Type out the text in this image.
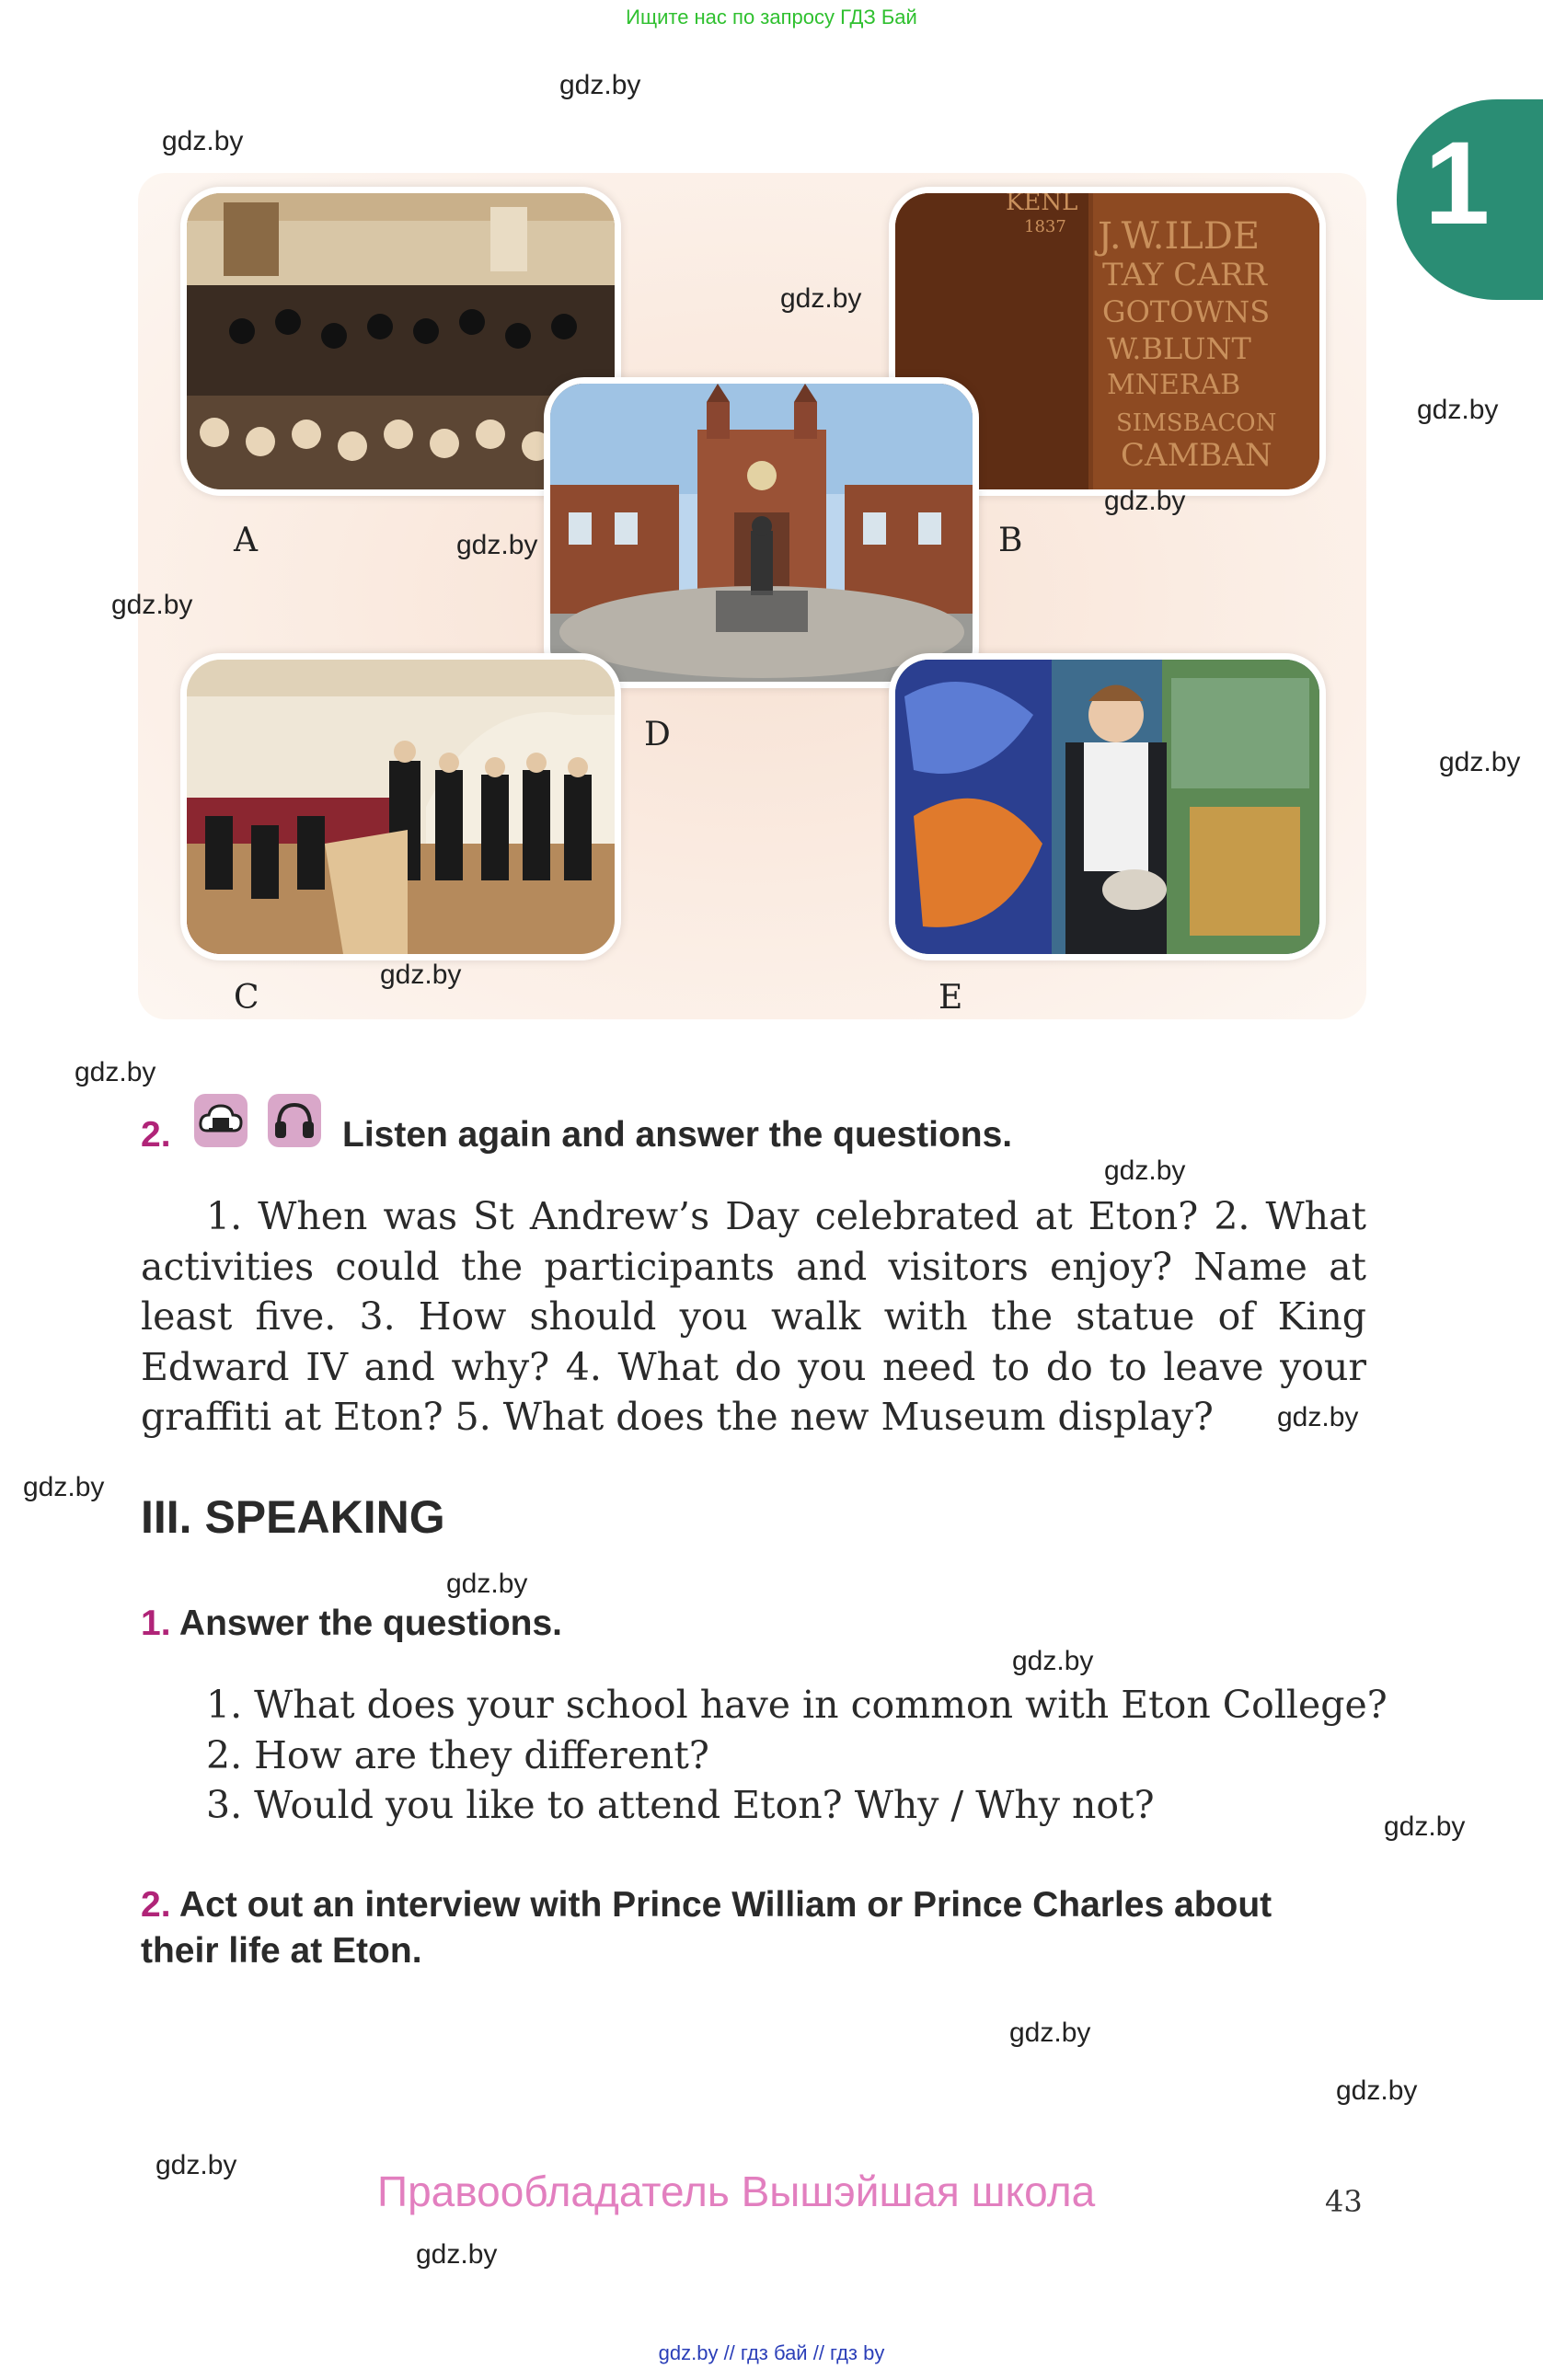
Ищите нас по запросу ГДЗ Бай
1
KENL
1837 J.W.ILDE
TAY CARR
GOTOWNS
W.BLUNT
MNERAB
SIMSBACON
CAMBAN
A	B
C
D
E
2.	Listen again and answer the questions.
1. When was St Andrew’s Day celebrated at Eton? 2. What
activities could the participants and visitors enjoy? Name at
least five. 3. How should you walk with the statue of King
Edward IV and why? 4. What do you need to do to leave your
graffiti at Eton? 5. What does the new Museum display?
III. SPEAKING
1. Answer the questions.
1. What does your school have in common with Eton College?
2. How are they different?
3. Would you like to attend Eton? Why / Why not?
2. Act out an interview with Prince William or Prince Charles about
their life at Eton.
Правообладатель Вышэйшая школа	43
gdz.by // гдз бай // гдз by
gdz.by
gdz.by
gdz.by
gdz.by
gdz.by
gdz.by
gdz.by
gdz.by
gdz.by
gdz.by
gdz.by
gdz.by
gdz.by
gdz.by
gdz.by
gdz.by
gdz.by
gdz.by
gdz.by
gdz.by
